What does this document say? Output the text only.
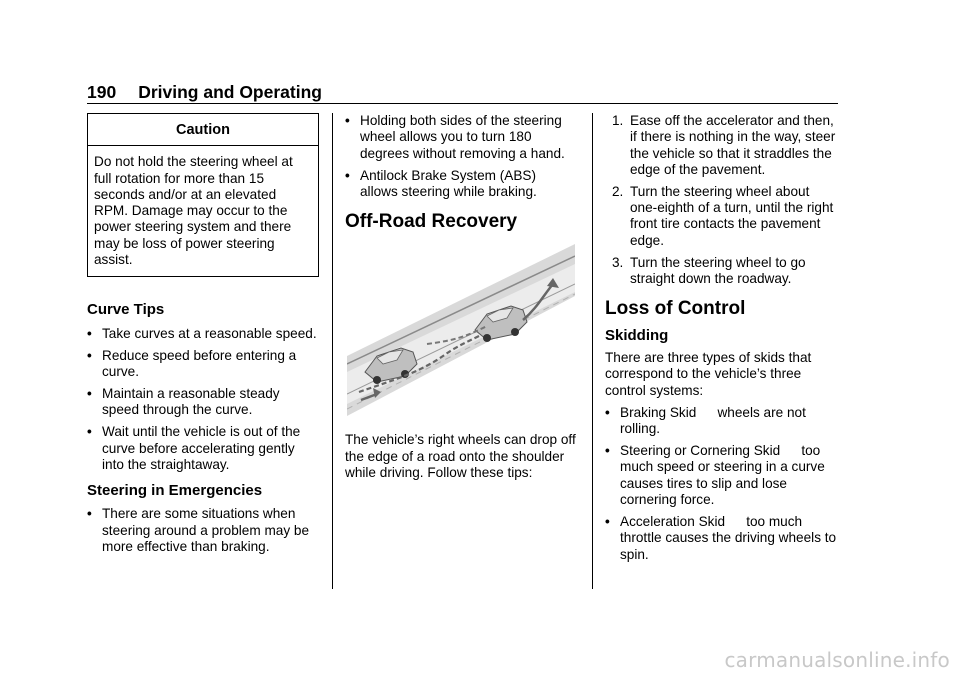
190 Driving and Operating
Caution
Do not hold the steering wheel at full rotation for more than 15 seconds and/or at an elevated RPM. Damage may occur to the power steering system and there may be loss of power steering assist.
Curve Tips
• Take curves at a reasonable speed.
• Reduce speed before entering a curve.
• Maintain a reasonable steady speed through the curve.
• Wait until the vehicle is out of the curve before accelerating gently into the straightaway.
Steering in Emergencies
• There are some situations when steering around a problem may be more effective than braking.
• Holding both sides of the steering wheel allows you to turn 180 degrees without removing a hand.
• Antilock Brake System (ABS) allows steering while braking.
Off-Road Recovery

The vehicle’s right wheels can drop off the edge of a road onto the shoulder while driving. Follow these tips:

1. Ease off the accelerator and then, if there is nothing in the way, steer the vehicle so that it straddles the edge of the pavement.
2. Turn the steering wheel about one-eighth of a turn, until the right front tire contacts the pavement edge.
3. Turn the steering wheel to go straight down the roadway.
Loss of Control
Skidding

There are three types of skids that correspond to the vehicle’s three control systems:

• Braking Skid wheels are not rolling.
• Steering or Cornering Skid too much speed or steering in a curve causes tires to slip and lose cornering force.
• Acceleration Skid too much throttle causes the driving wheels to spin.
carmanualsonline.info
